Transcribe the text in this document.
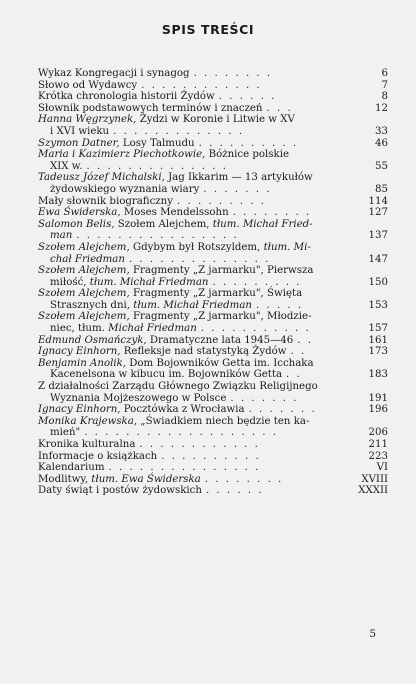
SPIS TREŚCI
Wykaz Kongregacji i synagog . . . . . . . .	6
Słowo od Wydawcy . . . . . . . . . . . .	7
Krótka chronologia historii Żydów . . . . . .	8
Słownik podstawowych terminów i znaczeń . . .	12
Hanna Węgrzynek, Żydzi w Koronie i Litwie w XV
i XVI wieku . . . . . . . . . . . . .	33
Szymon Datner, Losy Talmudu . . . . . . . . . .	46
Maria i Kazimierz Piechotkowie, Bóżnice polskie
XIX w. . . . . . . . . . . . . . .	55
Tadeusz Józef Michalski, Jag Ikkarim — 13 artykułów
żydowskiego wyznania wiary . . . . . . .	85
Mały słownik biograficzny . . . . . . . . .	114
Ewa Świderska, Moses Mendelssohn . . . . . . . .	127
Salomon Belis, Szołem Alejchem, tłum. Michał Fried-
man . . . . . . . . . . . . . . . .	137
Szołem Alejchem, Gdybym był Rotszyldem, tłum. Mi-
chał Friedman . . . . . . . . . . . . . .	147
Szołem Alejchem, Fragmenty „Z jarmarku", Pierwsza
miłość, tłum. Michał Friedman . . . . . . . . .	150
Szołem Alejchem, Fragmenty „Z jarmarku", Święta
Strasznych dni, tłum. Michał Friedman . . . . .	153
Szołem Alejchem, Fragmenty „Z jarmarku", Młodzie-
niec, tłum. Michał Friedman . . . . . . . . . . .	157
Edmund Osmańczyk, Dramatyczne lata 1945—46 . .	161
Ignacy Einhorn, Refleksje nad statystyką Żydów . .	173
Benjamin Anolik, Dom Bojowników Getta im. Icchaka
Kacenelsona w kibucu im. Bojowników Getta . .	183
Z działalności Zarządu Głównego Związku Religijnego
Wyznania Mojżeszowego w Polsce . . . . . . .	191
Ignacy Einhorn, Pocztówka z Wrocławia . . . . . . .	196
Monika Krajewska, „Świadkiem niech będzie ten ka-
mień" . . . . . . . . . . . . . . . . . . .	206
Kronika kulturalna . . . . . . . . . . . .	211
Informacje o książkach . . . . . . . . . .	223
Kalendarium . . . . . . . . . . . . . . .	VI
Modlitwy, tłum. Ewa Świderska . . . . . . . .	XVIII
Daty świąt i postów żydowskich . . . . . .	XXXII
5
